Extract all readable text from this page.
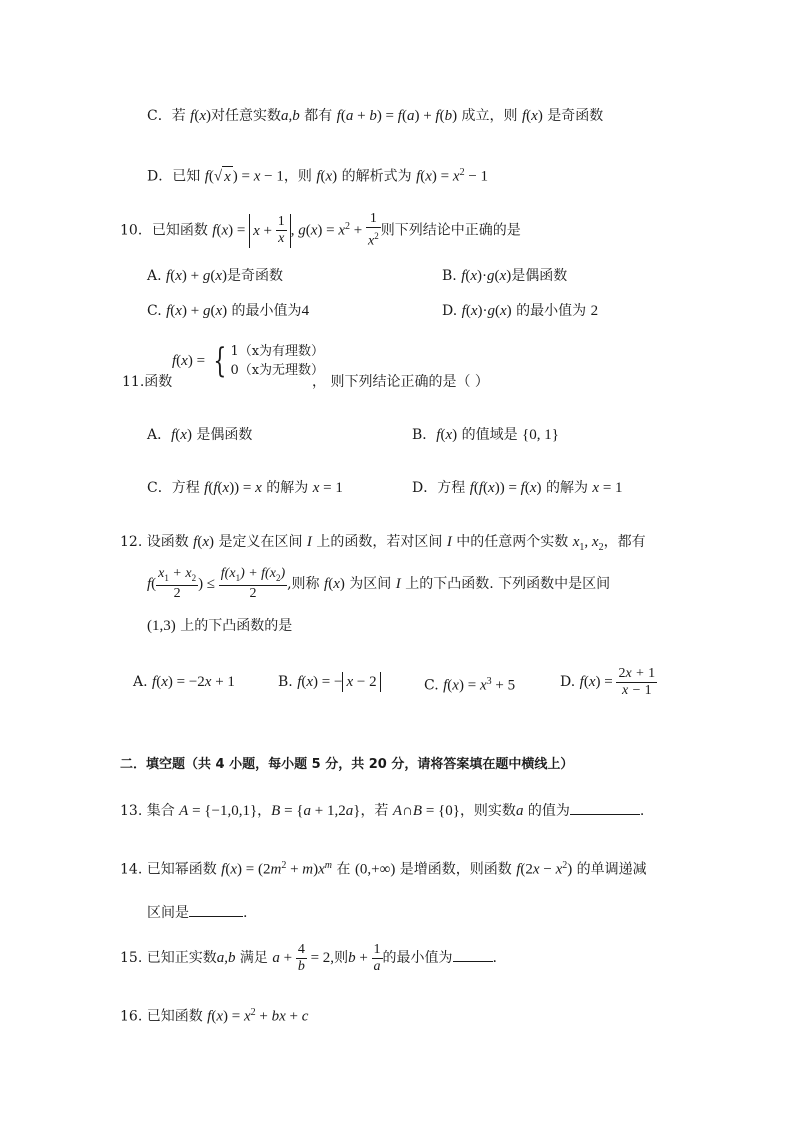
C．若 f(x)对任意实数a,b 都有 f(a + b) = f(a) + f(b) 成立，则 f(x) 是奇函数
D．已知 f(√ x ) = x − 1，则 f(x) 的解析式为 $f(x) = x^2 - 1$
10．已知函数 $f(x) = x + \frac{1}{x}$ , $g(x) = x^2 + \frac{1}{x^2}$ 则下列结论中正确的是
A. f(x) + g(x)是奇函数	B. f(x)·g(x)是偶函数
C. f(x) + g(x) 的最小值为4	D. f(x)·g(x) 的最小值为 2
11.函数
f(x) = { 1（x为有理数）
0（x为无理数）
， 则下列结论正确的是（ ）
A．f(x) 是偶函数	B．f(x) 的值域是 {0, 1}
C．方程 f(f(x)) = x 的解为 x = 1	D．方程 f(f(x)) = f(x) 的解为 x = 1
12. 设函数 f(x) 是定义在区间 I 上的函数，若对区间 I 中的任意两个实数 $x_1$, $x_2$，都有
$f( \frac{x_1 + x_2}{2}$ ) ≤ $\frac{f(x_1) + f(x_2)}{2}$ ,则称 f(x) 为区间 I 上的下凸函数. 下列函数中是区间
(1,3) 上的下凸函数的是
A. f(x) = −2x + 1	B. f(x) = − x − 2	C. $f(x) = x^3 + 5$	D. $f(x) = \frac{2x + 1}{x - 1}$
二．填空题（共 4 小题，每小题 5 分，共 20 分，请将答案填在题中横线上）
13. 集合 A = {−1,0,1}，B = {a + 1,2a}，若 A∩B = {0}，则实数a 的值为	.
14. 已知幂函数 $f(x) = (2m^2 + m)x^m$ 在 (0,+∞) 是增函数，则函数 $f(2x - x^2)$ 的单调递减
区间是	.
15. 已知正实数a,b 满足 $a + \frac{4}{b} = 2$,则$b + \frac{1}{a}$ 的最小值为	.
16. 已知函数 $f(x) = x^2$ + bx + c
